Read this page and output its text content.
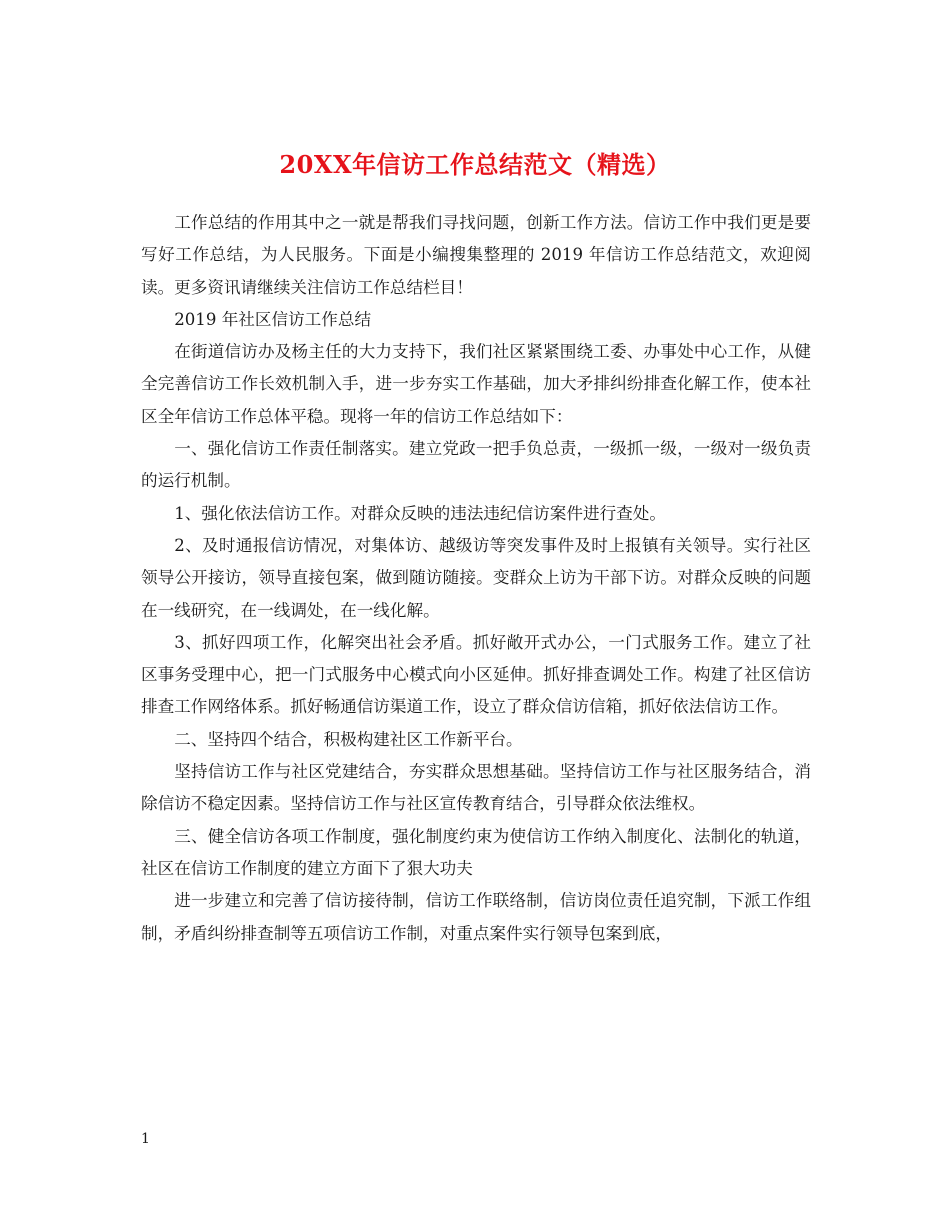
20XX年信访工作总结范文（精选）

工作总结的作用其中之一就是帮我们寻找问题，创新工作方法。信访工作中我们更是要写好工作总结，为人民服务。下面是小编搜集整理的 2019 年信访工作总结范文，欢迎阅读。更多资讯请继续关注信访工作总结栏目！

2019 年社区信访工作总结

在街道信访办及杨主任的大力支持下，我们社区紧紧围绕工委、办事处中心工作，从健全完善信访工作长效机制入手，进一步夯实工作基础，加大矛排纠纷排查化解工作，使本社区全年信访工作总体平稳。现将一年的信访工作总结如下：

一、强化信访工作责任制落实。建立党政一把手负总责，一级抓一级，一级对一级负责的运行机制。

1、强化依法信访工作。对群众反映的违法违纪信访案件进行查处。

2、及时通报信访情况，对集体访、越级访等突发事件及时上报镇有关领导。实行社区领导公开接访，领导直接包案，做到随访随接。变群众上访为干部下访。对群众反映的问题在一线研究，在一线调处，在一线化解。

3、抓好四项工作，化解突出社会矛盾。抓好敞开式办公，一门式服务工作。建立了社区事务受理中心，把一门式服务中心模式向小区延伸。抓好排查调处工作。构建了社区信访排查工作网络体系。抓好畅通信访渠道工作，设立了群众信访信箱，抓好依法信访工作。

二、坚持四个结合，积极构建社区工作新平台。

坚持信访工作与社区党建结合，夯实群众思想基础。坚持信访工作与社区服务结合，消除信访不稳定因素。坚持信访工作与社区宣传教育结合，引导群众依法维权。

三、健全信访各项工作制度，强化制度约束为使信访工作纳入制度化、法制化的轨道，社区在信访工作制度的建立方面下了狠大功夫

进一步建立和完善了信访接待制，信访工作联络制，信访岗位责任追究制，下派工作组制，矛盾纠纷排查制等五项信访工作制，对重点案件实行领导包案到底，

1
